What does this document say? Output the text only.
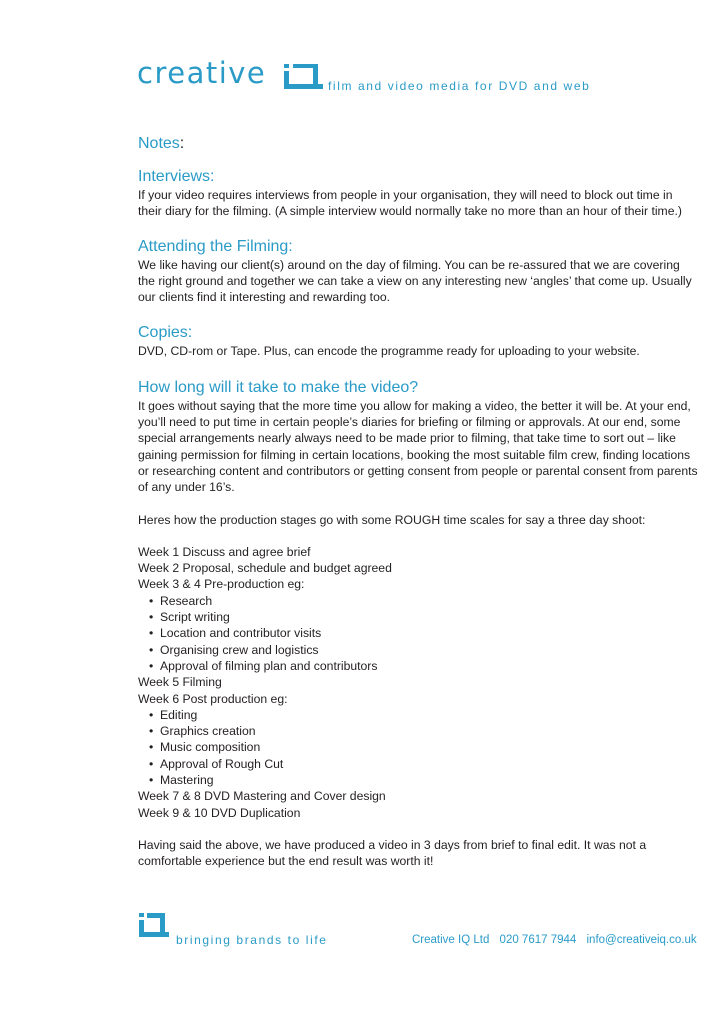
creative	film and video media for DVD and web
Notes:
Interviews:

If your video requires interviews from people in your organisation, they will need to block out time in their diary for the filming. (A simple interview would normally take no more than an hour of their time.)

Attending the Filming:

We like having our client(s) around on the day of filming. You can be re-assured that we are covering the right ground and together we can take a view on any interesting new ‘angles’ that come up. Usually our clients find it interesting and rewarding too.

Copies:

DVD, CD-rom or Tape. Plus, can encode the programme ready for uploading to your website.

How long will it take to make the video?

It goes without saying that the more time you allow for making a video, the better it will be. At your end, you’ll need to put time in certain people’s diaries for briefing or filming or approvals. At our end, some special arrangements nearly always need to be made prior to filming, that take time to sort out – like gaining permission for filming in certain locations, booking the most suitable film crew, finding locations or researching content and contributors or getting consent from people or parental consent from parents of any under 16’s.

Heres how the production stages go with some ROUGH time scales for say a three day shoot:

Week 1 Discuss and agree brief
Week 2 Proposal, schedule and budget agreed
Week 3 & 4 Pre-production eg:
• Research
• Script writing
• Location and contributor visits
• Organising crew and logistics
• Approval of filming plan and contributors
Week 5 Filming
Week 6 Post production eg:
• Editing
• Graphics creation
• Music composition
• Approval of Rough Cut
• Mastering
Week 7 & 8 DVD Mastering and Cover design
Week 9 & 10 DVD Duplication

Having said the above, we have produced a video in 3 days from brief to final edit. It was not a comfortable experience but the end result was worth it!

bringing brands to life	Creative IQ Ltd 020 7617 7944 info@creativeiq.co.uk
